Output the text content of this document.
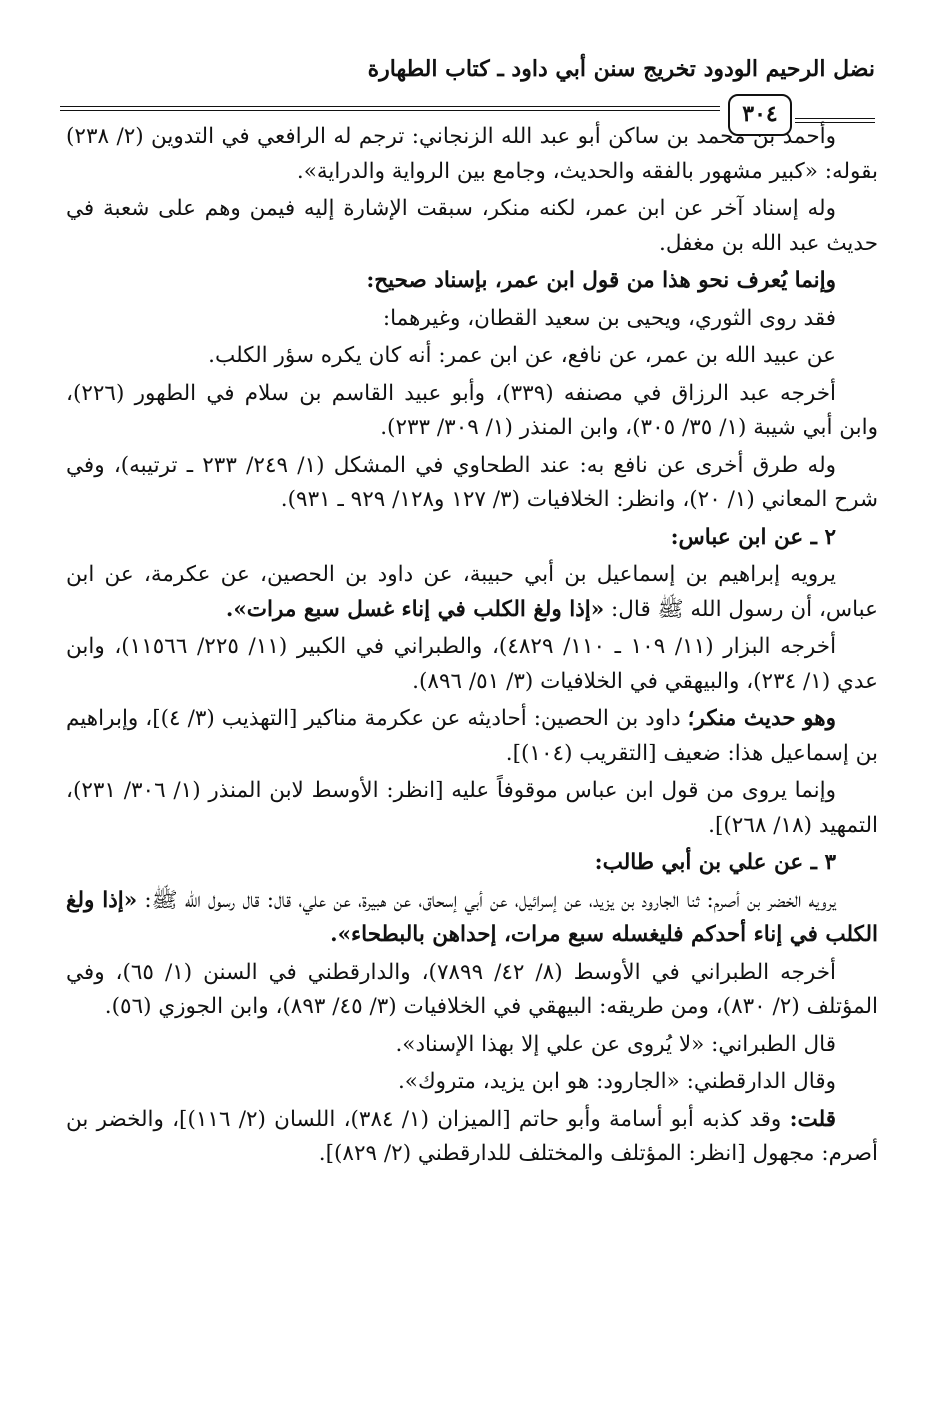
نضل الرحيم الودود تخريج سنن أبي داود ـ كتاب الطهارة
٣٠٤

وأحمد بن محمد بن ساكن أبو عبد الله الزنجاني: ترجم له الرافعي في التدوين (٢/ ٢٣٨) بقوله: «كبير مشهور بالفقه والحديث، وجامع بين الرواية والدراية».

وله إسناد آخر عن ابن عمر، لكنه منكر، سبقت الإشارة إليه فيمن وهم على شعبة في حديث عبد الله بن مغفل.

وإنما يُعرف نحو هذا من قول ابن عمر، بإسناد صحيح:

فقد روى الثوري، ويحيى بن سعيد القطان، وغيرهما:

عن عبيد الله بن عمر، عن نافع، عن ابن عمر: أنه كان يكره سؤر الكلب.

أخرجه عبد الرزاق في مصنفه (٣٣٩)، وأبو عبيد القاسم بن سلام في الطهور (٢٢٦)، وابن أبي شيبة (١/ ٣٥/ ٣٠٥)، وابن المنذر (١/ ٣٠٩/ ٢٣٣).

وله طرق أخرى عن نافع به: عند الطحاوي في المشكل (١/ ٢٤٩/ ٢٣٣ ـ ترتيبه)، وفي شرح المعاني (١/ ٢٠)، وانظر: الخلافيات (٣/ ١٢٧ و١٢٨/ ٩٢٩ ـ ٩٣١).

٢ ـ عن ابن عباس:

يرويه إبراهيم بن إسماعيل بن أبي حبيبة، عن داود بن الحصين، عن عكرمة، عن ابن عباس، أن رسول الله ﷺ قال: «إذا ولغ الكلب في إناء غسل سبع مرات».

أخرجه البزار (١١/ ١٠٩ ـ ١١٠/ ٤٨٢٩)، والطبراني في الكبير (١١/ ٢٢٥/ ١١٥٦٦)، وابن عدي (١/ ٢٣٤)، والبيهقي في الخلافيات (٣/ ٥١/ ٨٩٦).

وهو حديث منكر؛ داود بن الحصين: أحاديثه عن عكرمة مناكير [التهذيب (٣/ ٤)]، وإبراهيم بن إسماعيل هذا: ضعيف [التقريب (١٠٤)].

وإنما يروى من قول ابن عباس موقوفاً عليه [انظر: الأوسط لابن المنذر (١/ ٣٠٦/ ٢٣١)، التمهيد (١٨/ ٢٦٨)].

٣ ـ عن علي بن أبي طالب:

يرويه الخضر بن أصرم: ثنا الجارود بن يزيد، عن إسرائيل، عن أبي إسحاق، عن هبيرة، عن علي، قال: قال رسول الله ﷺ: «إذا ولغ الكلب في إناء أحدكم فليغسله سبع مرات، إحداهن بالبطحاء».

أخرجه الطبراني في الأوسط (٨/ ٤٢/ ٧٨٩٩)، والدارقطني في السنن (١/ ٦٥)، وفي المؤتلف (٢/ ٨٣٠)، ومن طريقه: البيهقي في الخلافيات (٣/ ٤٥/ ٨٩٣)، وابن الجوزي (٥٦).

قال الطبراني: «لا يُروى عن علي إلا بهذا الإسناد».

وقال الدارقطني: «الجارود: هو ابن يزيد، متروك».

قلت: وقد كذبه أبو أسامة وأبو حاتم [الميزان (١/ ٣٨٤)، اللسان (٢/ ١١٦)]، والخضر بن أصرم: مجهول [انظر: المؤتلف والمختلف للدارقطني (٢/ ٨٢٩)].
